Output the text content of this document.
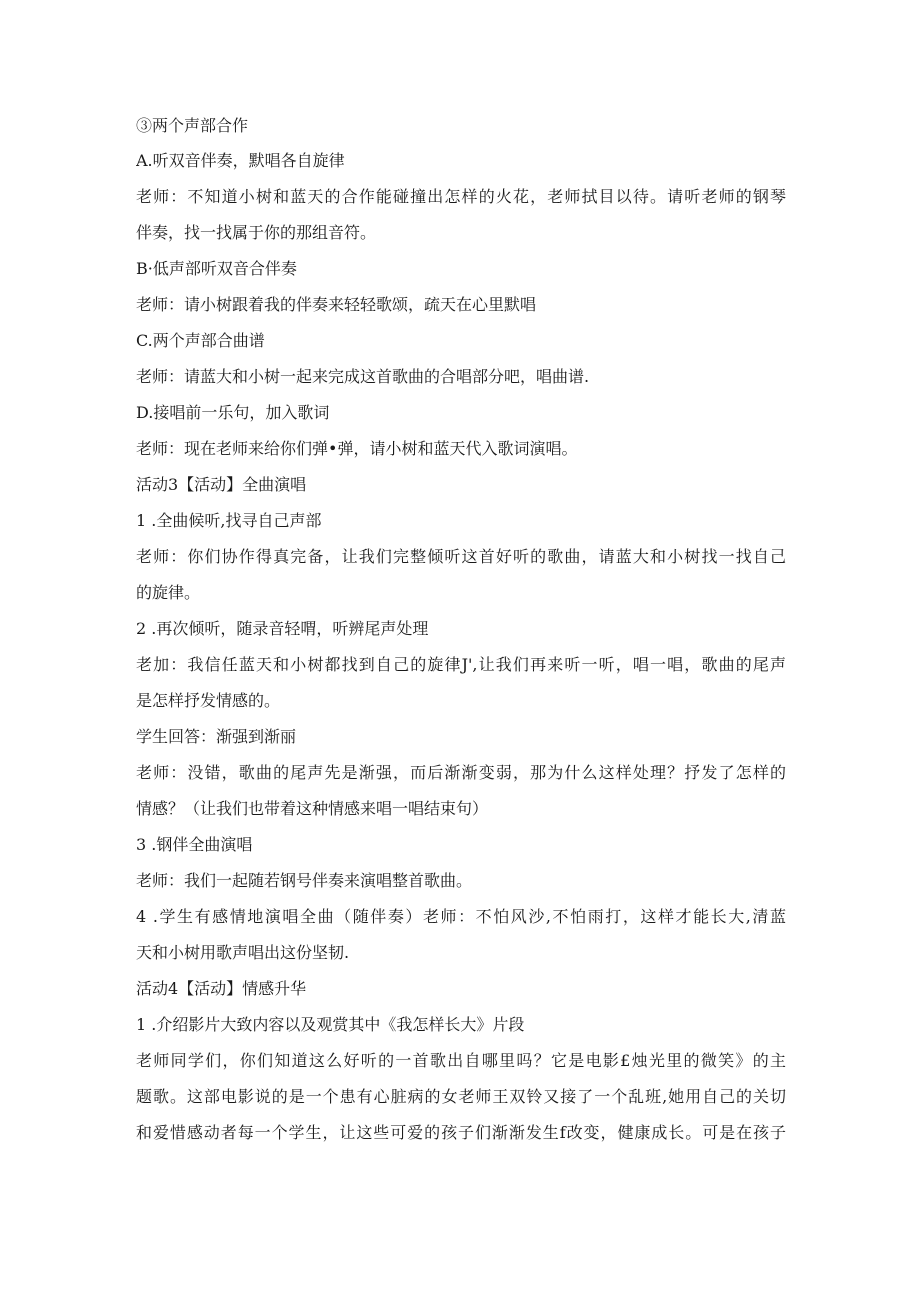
③两个声部合作
A.听双音伴奏，默唱各自旋律
老师：不知道小树和蓝天的合作能碰撞出怎样的火花，老师拭目以待。请听老师的钢琴
伴奏，找一找属于你的那组音符。
B·低声部听双音合伴奏
老师：请小树跟着我的伴奏来轻轻歌颂，疏天在心里默唱
C.两个声部合曲谱
老师：请蓝大和小树一起来完成这首歌曲的合唱部分吧，唱曲谱.
D.接唱前一乐句，加入歌词
老师：现在老师来给你们弹•弹，请小树和蓝天代入歌词演唱。
活动3【活动】全曲演唱
1 .全曲候听,找寻自己声部
老师：你们协作得真完备，让我们完整倾听这首好听的歌曲，请蓝大和小树找一找自己
的旋律。
2 .再次倾听，随录音轻喟，听辨尾声处理
老加：我信任蓝天和小树都找到自己的旋律J',让我们再来听一听，唱一唱，歌曲的尾声
是怎样抒发情感的。
学生回答：渐强到渐丽
老师：没错，歌曲的尾声先是渐强，而后渐渐变弱，那为什么这样处理？抒发了怎样的
情感？（让我们也带着这种情感来唱一唱结束句）
3 .钢伴全曲演唱
老师：我们一起随若钢号伴奏来演唱整首歌曲。
4 .学生有感情地演唱全曲（随伴奏）老师：不怕风沙,不怕雨打，这样才能长大,清蓝
天和小树用歌声唱出这份坚韧.
活动4【活动】情感升华
1 .介绍影片大致内容以及观赏其中《我怎样长大》片段
老师同学们，你们知道这么好听的一首歌出自哪里吗？它是电影£烛光里的微笑》的主
题歌。这部电影说的是一个患有心脏病的女老师王双铃又接了一个乱班,她用自己的关切
和爱惜感动者每一个学生，让这些可爱的孩子们渐渐发生f改变，健康成长。可是在孩子
